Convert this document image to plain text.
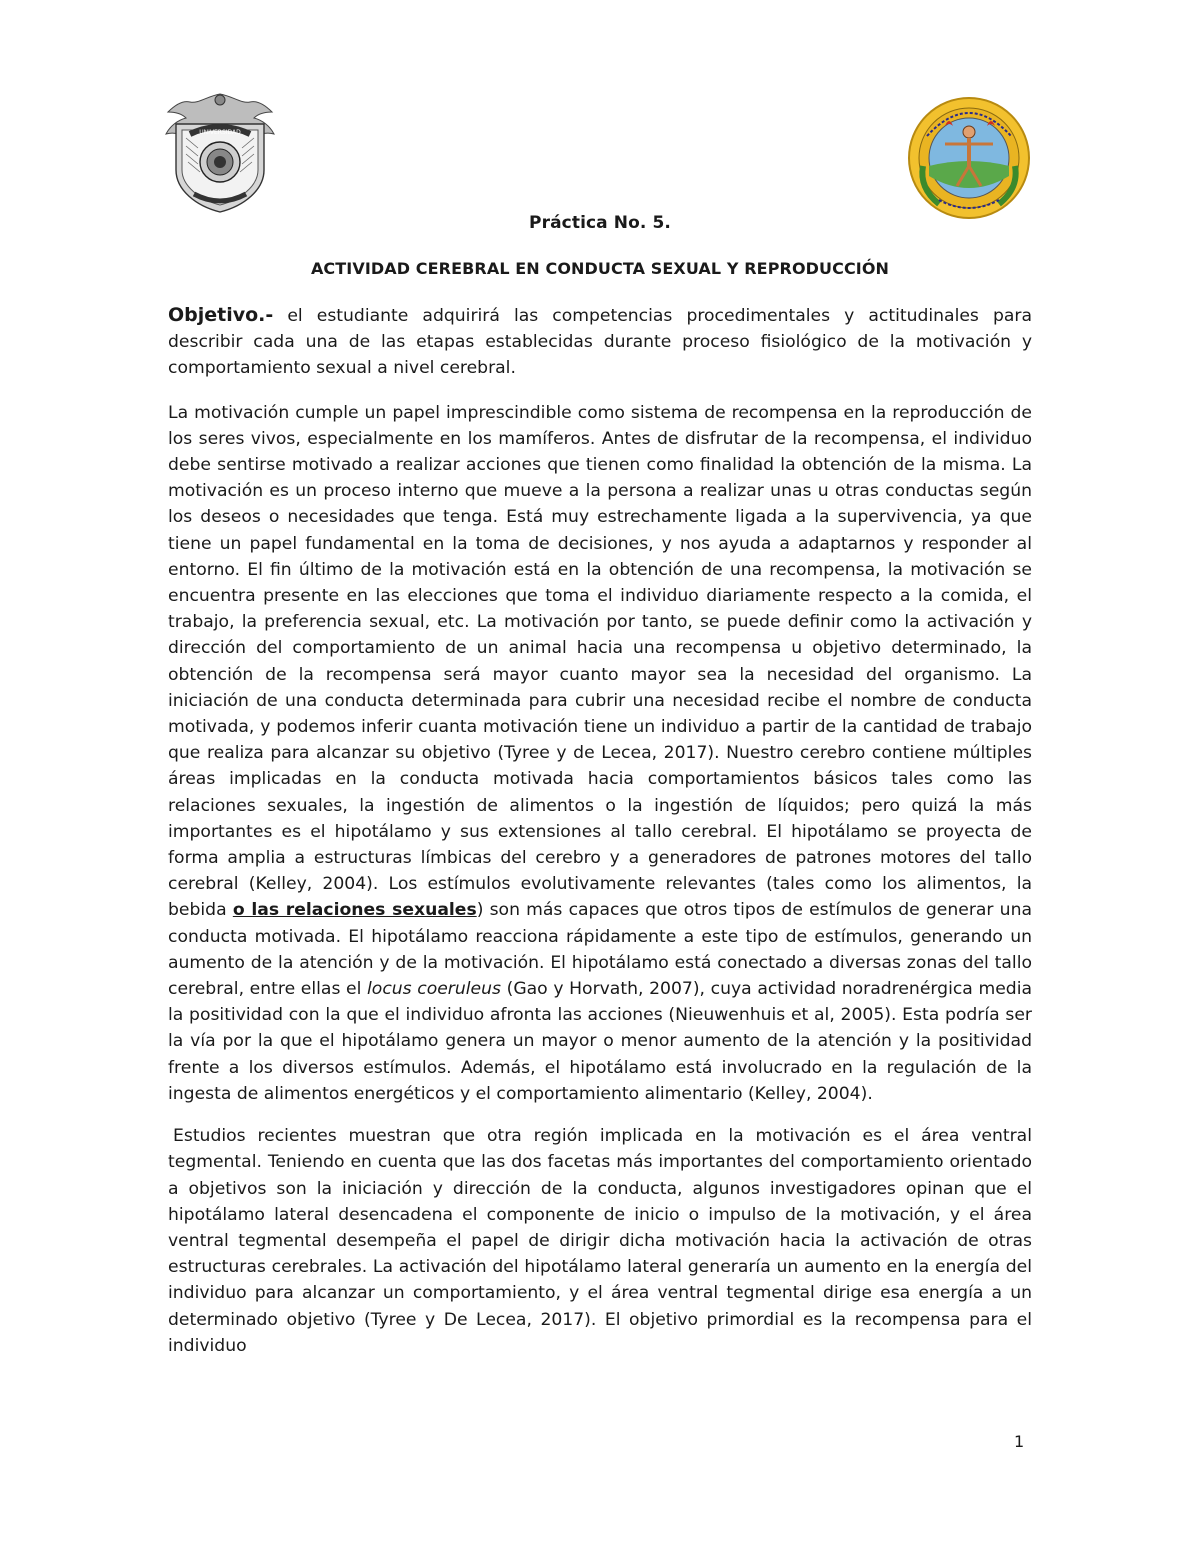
UNIVERSIDAD
Práctica No. 5.
ACTIVIDAD CEREBRAL EN CONDUCTA SEXUAL Y REPRODUCCIÓN

Objetivo.- el estudiante adquirirá las competencias procedimentales y actitudinales para describir cada una de las etapas establecidas durante proceso fisiológico de la motivación y comportamiento sexual a nivel cerebral.

La motivación cumple un papel imprescindible como sistema de recompensa en la reproducción de los seres vivos, especialmente en los mamíferos. Antes de disfrutar de la recompensa, el individuo debe sentirse motivado a realizar acciones que tienen como finalidad la obtención de la misma. La motivación es un proceso interno que mueve a la persona a realizar unas u otras conductas según los deseos o necesidades que tenga. Está muy estrechamente ligada a la supervivencia, ya que tiene un papel fundamental en la toma de decisiones, y nos ayuda a adaptarnos y responder al entorno. El fin último de la motivación está en la obtención de una recompensa, la motivación se encuentra presente en las elecciones que toma el individuo diariamente respecto a la comida, el trabajo, la preferencia sexual, etc. La motivación por tanto, se puede definir como la activación y dirección del comportamiento de un animal hacia una recompensa u objetivo determinado, la obtención de la recompensa será mayor cuanto mayor sea la necesidad del organismo. La iniciación de una conducta determinada para cubrir una necesidad recibe el nombre de conducta motivada, y podemos inferir cuanta motivación tiene un individuo a partir de la cantidad de trabajo que realiza para alcanzar su objetivo (Tyree y de Lecea, 2017). Nuestro cerebro contiene múltiples áreas implicadas en la conducta motivada hacia comportamientos básicos tales como las relaciones sexuales, la ingestión de alimentos o la ingestión de líquidos; pero quizá la más importantes es el hipotálamo y sus extensiones al tallo cerebral. El hipotálamo se proyecta de forma amplia a estructuras límbicas del cerebro y a generadores de patrones motores del tallo cerebral (Kelley, 2004). Los estímulos evolutivamente relevantes (tales como los alimentos, la bebida o las relaciones sexuales) son más capaces que otros tipos de estímulos de generar una conducta motivada. El hipotálamo reacciona rápidamente a este tipo de estímulos, generando un aumento de la atención y de la motivación. El hipotálamo está conectado a diversas zonas del tallo cerebral, entre ellas el locus coeruleus (Gao y Horvath, 2007), cuya actividad noradrenérgica media la positividad con la que el individuo afronta las acciones (Nieuwenhuis et al, 2005). Esta podría ser la vía por la que el hipotálamo genera un mayor o menor aumento de la atención y la positividad frente a los diversos estímulos. Además, el hipotálamo está involucrado en la regulación de la ingesta de alimentos energéticos y el comportamiento alimentario (Kelley, 2004).

Estudios recientes muestran que otra región implicada en la motivación es el área ventral tegmental. Teniendo en cuenta que las dos facetas más importantes del comportamiento orientado a objetivos son la iniciación y dirección de la conducta, algunos investigadores opinan que el hipotálamo lateral desencadena el componente de inicio o impulso de la motivación, y el área ventral tegmental desempeña el papel de dirigir dicha motivación hacia la activación de otras estructuras cerebrales. La activación del hipotálamo lateral generaría un aumento en la energía del individuo para alcanzar un comportamiento, y el área ventral tegmental dirige esa energía a un determinado objetivo (Tyree y De Lecea, 2017). El objetivo primordial es la recompensa para el individuo

1
